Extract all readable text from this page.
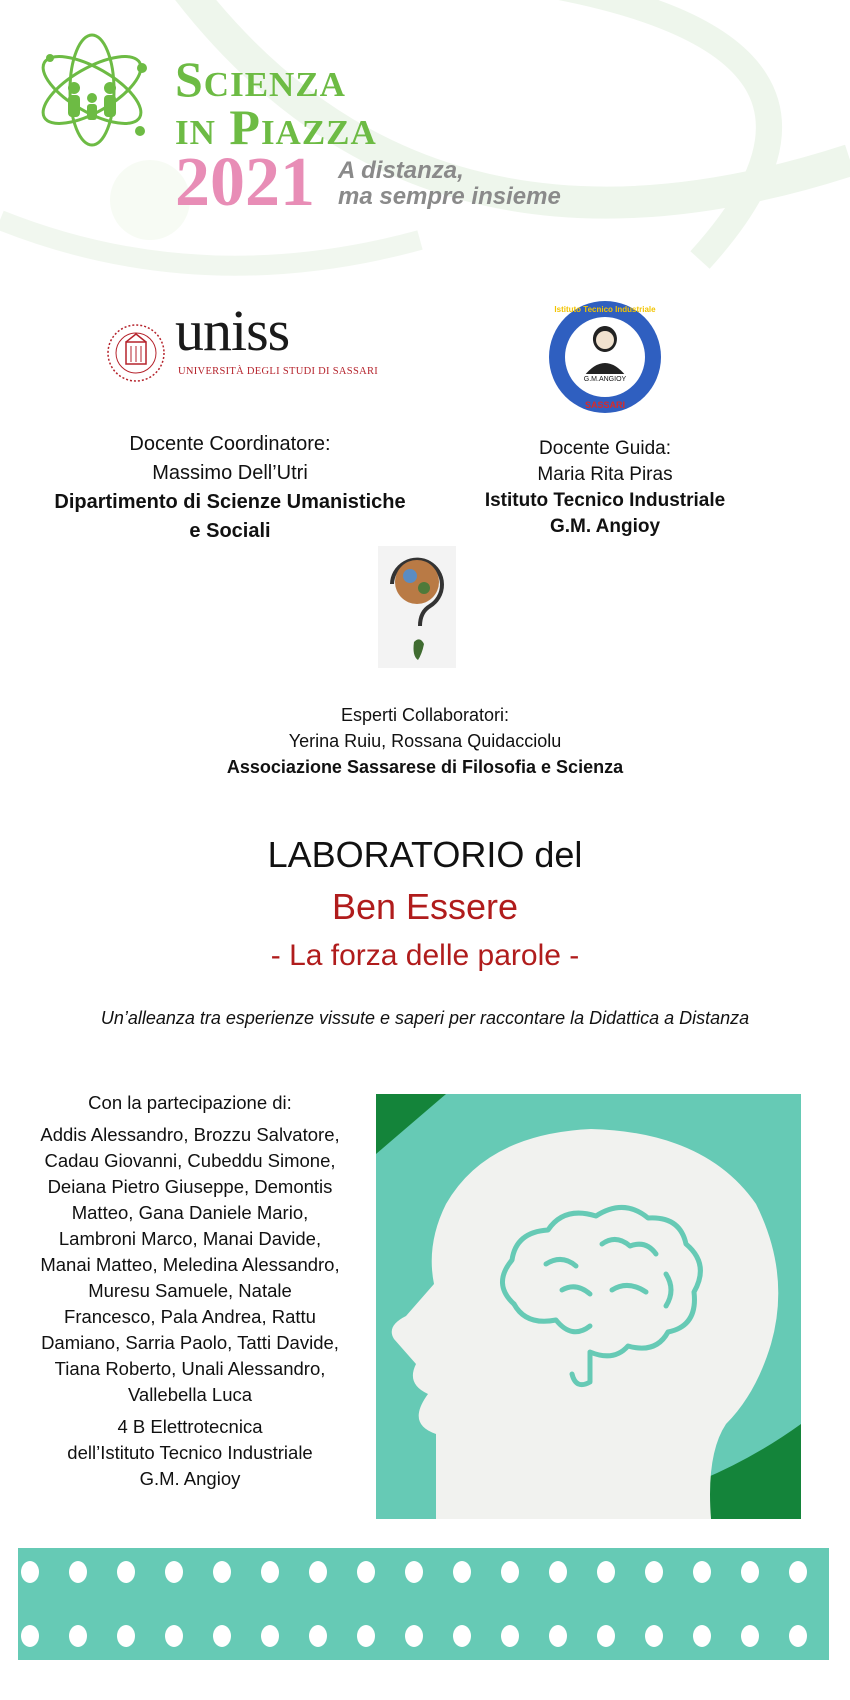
Scienza
in Piazza
2021 A distanza,
ma sempre insieme
uniss
UNIVERSITÀ DEGLI STUDI DI SASSARI
G.M.ANGIOY
SASSARI
Istituto Tecnico Industriale
Docente Coordinatore:
Massimo Dell’Utri
Dipartimento di Scienze Umanistiche
e Sociali
Docente Guida:
Maria Rita Piras
Istituto Tecnico Industriale
G.M. Angioy
Esperti Collaboratori:
Yerina Ruiu, Rossana Quidacciolu
Associazione Sassarese di Filosofia e Scienza
LABORATORIO del
Ben Essere
- La forza delle parole -
Un’alleanza tra esperienze vissute e saperi per raccontare la Didattica a Distanza

Con la partecipazione di:

Addis Alessandro, Brozzu Salvatore, Cadau Giovanni, Cubeddu Simone, Deiana Pietro Giuseppe, Demontis Matteo, Gana Daniele Mario, Lambroni Marco, Manai Davide, Manai Matteo, Meledina Alessandro, Muresu Samuele, Natale Francesco, Pala Andrea, Rattu Damiano, Sarria Paolo, Tatti Davide, Tiana Roberto, Unali Alessandro, Vallebella Luca

4 B Elettrotecnica

dell’Istituto Tecnico Industriale

G.M. Angioy
